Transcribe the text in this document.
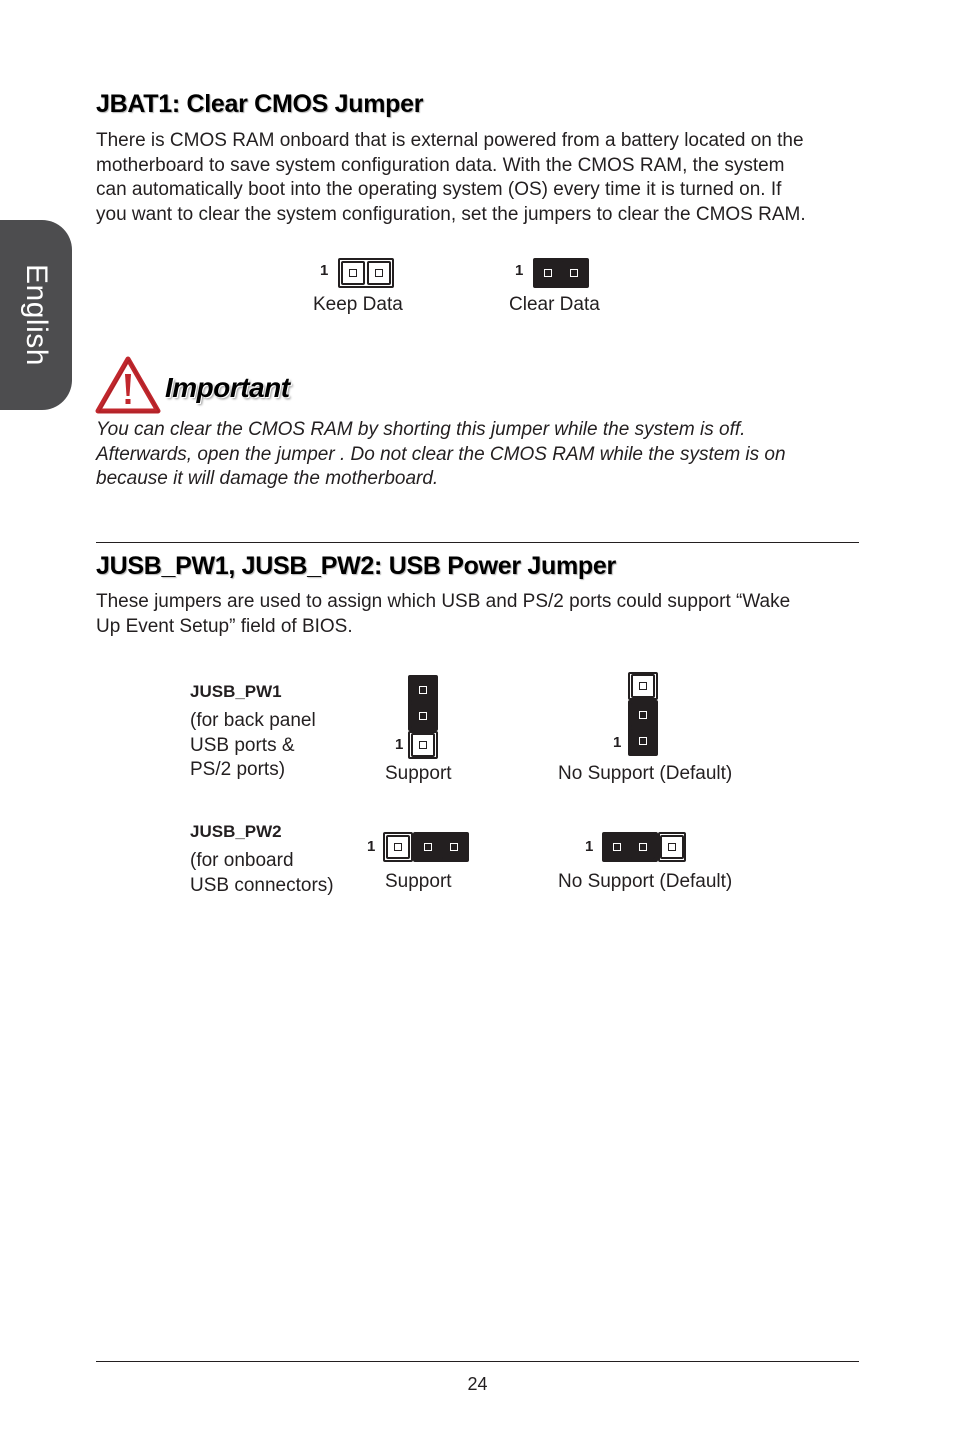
English
JBAT1: Clear CMOS Jumper
There is CMOS RAM onboard that is external powered from a battery located on the
motherboard to save system configuration data. With the CMOS RAM, the system
can automatically boot into the operating system (OS) every time it is turned on. If
you want to clear the system configuration, set the jumpers to clear the CMOS RAM.
1
Keep Data
1
Clear Data
Important
You can clear the CMOS RAM by shorting this jumper while the system is off.
Afterwards, open the jumper . Do not clear the CMOS RAM while the system is on
because it will damage the motherboard.
JUSB_PW1, JUSB_PW2: USB Power Jumper
These jumpers are used to assign which USB and PS/2 ports could support “Wake
Up Event Setup” field of BIOS.
JUSB_PW1
(for back panel
USB ports &
PS/2 ports)
1
Support
1
No Support (Default)
JUSB_PW2
(for onboard
USB connectors)
1
Support
1
No Support (Default)
24
